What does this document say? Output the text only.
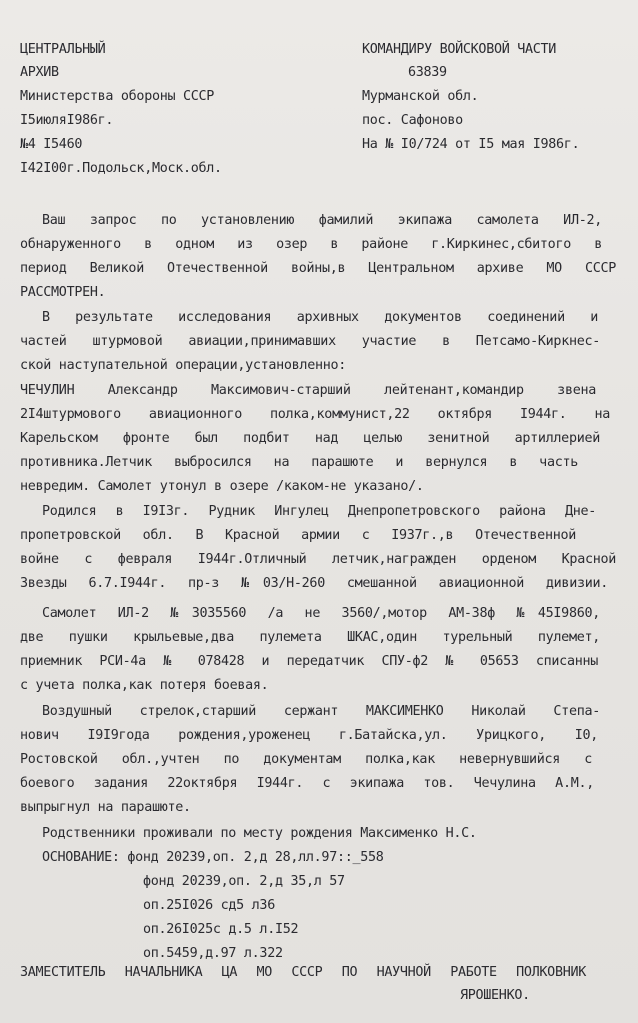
ЦЕНТРАЛЬНЫЙ
АРХИВ
Министерства обороны СССР
I5июляI986г.
№4 I5460
I42I00г.Подольск,Моск.обл.
КОМАНДИРУ ВОЙСКОВОЙ ЧАСТИ
63839
Мурманской обл.
пос. Сафоново
На № I0/724 от I5 мая I986г.
Ваш запрос по установлению фамилий экипажа самолета ИЛ-2,
обнаруженного в одном из озер в районе г.Киркинес,сбитого в
период Великой Отечественной войны,в Центральном архиве МО СССР
РАССМОТРЕН.
В результате исследования архивных документов соединений и
частей штурмовой авиации,принимавших участие в Петсамо-Киркнес-
ской наступательной операции,установленно:
ЧЕЧУЛИН Александр Максимович-старший лейтенант,командир звена
2I4штурмового авиационного полка,коммунист,22 октября I944г. на
Карельском фронте был подбит над целью зенитной артиллерией
противника.Летчик выбросился на парашюте и вернулся в часть
невредим. Самолет утонул в озере /каком-не указано/.
Родился в I9I3г. Рудник Ингулец Днепропетровского района Дне-
пропетровской обл. В Красной армии с I937г.,в Отечественной
войне с февраля I944г.Отличный летчик,награжден орденом Красной
Звезды 6.7.I944г. пр-з №03/Н-260 смешанной авиационной дивизии.
Самолет ИЛ-2 №3035560 /а не 3560/,мотор АМ-38ф №45I9860,
две пушки крыльевые,два пулемета ШКАС,один турельный пулемет,
приемник РСИ-4а № 078428 и передатчик СПУ-ф2 № 05653 списанны
с учета полка,как потеря боевая.
Воздушный стрелок,старший сержант МАКСИМЕНКО Николай Степа-
нович I9I9года рождения,уроженец г.Батайска,ул. Урицкого, I0,
Ростовской обл.,учтен по документам полка,как невернувшийся с
боевого задания 22октября I944г. с экипажа тов. Чечулина А.М.,
выпрыгнул на парашюте.
Родственники проживали по месту рождения Максименко Н.С.
ОСНОВАНИЕ: фонд 20239,оп. 2,д 28,лл.97::_558
фонд 20239,оп. 2,д 35,л 57
оп.25I026 сд5 л36
оп.26I025с д.5 л.I52
оп.5459,д.97 л.322
ЗАМЕСТИТЕЛЬ НАЧАЛЬНИКА ЦА МО СССР ПО НАУЧНОЙ РАБОТЕ ПОЛКОВНИК
ЯРОШЕНКО.
